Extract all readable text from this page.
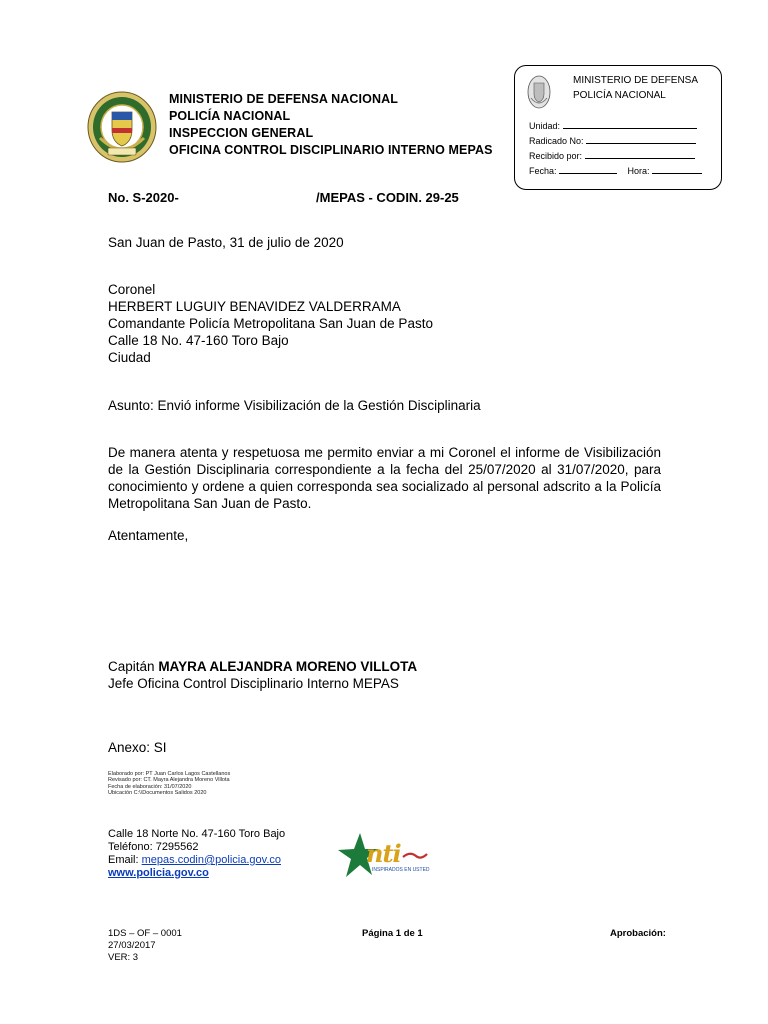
MINISTERIO DE DEFENSA NACIONAL
POLICÍA NACIONAL
INSPECCION GENERAL
OFICINA CONTROL DISCIPLINARIO INTERNO MEPAS
MINISTERIO DE DEFENSA
POLICÍA NACIONAL
Unidad:
Radicado No:
Recibido por:
Fecha:	Hora:
No. S-2020-	/MEPAS - CODIN. 29-25
San Juan de Pasto, 31 de julio de 2020
Coronel
HERBERT LUGUIY BENAVIDEZ VALDERRAMA
Comandante Policía Metropolitana San Juan de Pasto
Calle 18 No. 47-160 Toro Bajo
Ciudad
Asunto: Envió informe Visibilización de la Gestión Disciplinaria
De manera atenta y respetuosa me permito enviar a mi Coronel el informe de Visibilización de la Gestión Disciplinaria correspondiente a la fecha del 25/07/2020 al 31/07/2020, para conocimiento y ordene a quien corresponda sea socializado al personal adscrito a la Policía Metropolitana San Juan de Pasto.
Atentamente,
Capitán MAYRA ALEJANDRA MORENO VILLOTA
Jefe Oficina Control Disciplinario Interno MEPAS
Anexo: SI
Elaborado por: PT Juan Carlos Lagos Castellanos
Revisado por: CT. Mayra Alejandra Moreno Villota
Fecha de elaboración: 31/07/2020
Ubicación C:\\Documentos Salidos 2020
Calle 18 Norte No. 47-160 Toro Bajo
Teléfono: 7295562
Email: mepas.codin@policia.gov.co
www.policia.gov.co
nti
INSPIRADOS EN USTED
1DS – OF – 0001
27/03/2017
VER: 3
Página 1 de 1	Aprobación:
